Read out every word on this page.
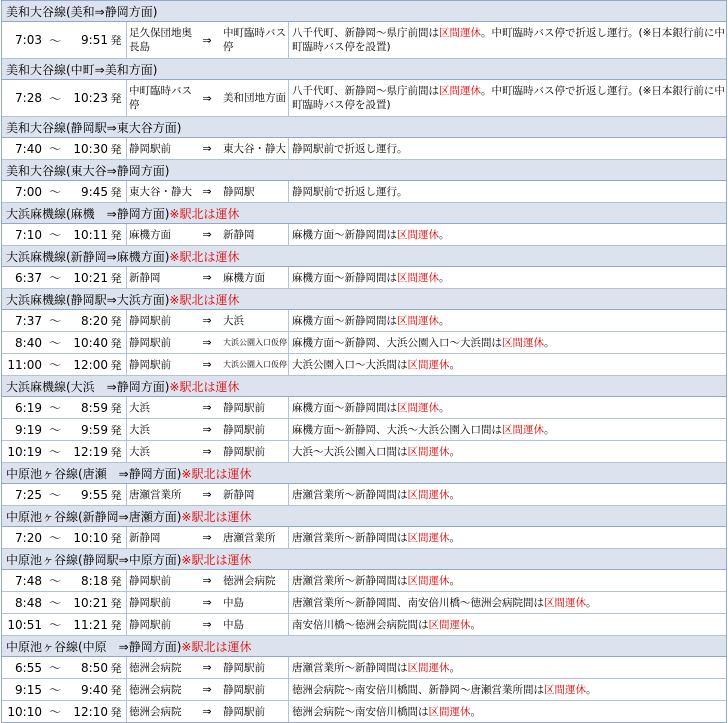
美和大谷線(美和⇒静岡方面)
7:03 ～	9:51 発
足久保団地奥長島
⇒
中町臨時バス停
八千代町、新静岡～県庁前間は区間運休。中町臨時バス停で折返し運行。(※日本銀行前に中町臨時バス停を設置)
美和大谷線(中町⇒美和方面)
7:28 ～	10:23 発
中町臨時バス停
⇒	美和団地方面
八千代町、新静岡～県庁前間は区間運休。中町臨時バス停で折返し運行。(※日本銀行前に中町臨時バス停を設置)
美和大谷線(静岡駅⇒東大谷方面)
7:40 ～	10:30 発 静岡駅前	⇒	東大谷・静大 静岡駅前で折返し運行。
美和大谷線(東大谷⇒静岡方面)
7:00 ～	9:45 発 東大谷・静大 ⇒	静岡駅	静岡駅前で折返し運行。
大浜麻機線(麻機　⇒静岡方面) ※駅北は運休
7:10 ～	10:11 発 麻機方面	⇒	新静岡	麻機方面～新静岡間は区間運休。
大浜麻機線(新静岡⇒麻機方面) ※駅北は運休
6:37 ～	10:21 発 新静岡	⇒	麻機方面	麻機方面～新静岡間は区間運休。
大浜麻機線(静岡駅⇒大浜方面) ※駅北は運休
7:37 ～	8:20 発 静岡駅前	⇒	大浜	麻機方面～新静岡間は区間運休。
8:40 ～	10:40 発 静岡駅前	⇒	大浜公園入口仮停 麻機方面～新静岡、大浜公園入口～大浜間は区間運休。
11:00 ～	12:00 発 静岡駅前	⇒	大浜公園入口仮停 大浜公園入口～大浜間は区間運休。
大浜麻機線(大浜　⇒静岡方面) ※駅北は運休
6:19 ～	8:59 発 大浜	⇒	静岡駅前	麻機方面～新静岡間は区間運休。
9:19 ～	9:59 発 大浜	⇒	静岡駅前	麻機方面～新静岡、大浜～大浜公園入口間は区間運休。
10:19 ～	12:19 発 大浜	⇒	静岡駅前	大浜～大浜公園入口間は区間運休。
中原池ヶ谷線(唐瀬　⇒静岡方面) ※駅北は運休
7:25 ～	9:55 発 唐瀬営業所	⇒	新静岡	唐瀬営業所～新静岡間は区間運休。
中原池ヶ谷線(新静岡⇒唐瀬方面) ※駅北は運休
7:20 ～	10:10 発 新静岡	⇒	唐瀬営業所	唐瀬営業所～新静岡間は区間運休。
中原池ヶ谷線(静岡駅⇒中原方面) ※駅北は運休
7:48 ～	8:18 発 静岡駅前	⇒	徳洲会病院	唐瀬営業所～新静岡間は区間運休。
8:48 ～	10:21 発 静岡駅前	⇒	中島	唐瀬営業所～新静岡間、南安倍川橋～徳洲会病院間は区間運休。
10:51 ～	11:21 発 静岡駅前	⇒	中島	南安倍川橋～徳洲会病院間は区間運休。
中原池ヶ谷線(中原　⇒静岡方面) ※駅北は運休
6:55 ～	8:50 発 徳洲会病院	⇒	静岡駅前	唐瀬営業所～新静岡間は区間運休。
9:15 ～	9:40 発 徳洲会病院	⇒	静岡駅前	徳洲会病院～南安倍川橋間、新静岡～唐瀬営業所間は区間運休。
10:10 ～	12:10 発 徳洲会病院	⇒	静岡駅前	徳洲会病院～南安倍川橋間は区間運休。
